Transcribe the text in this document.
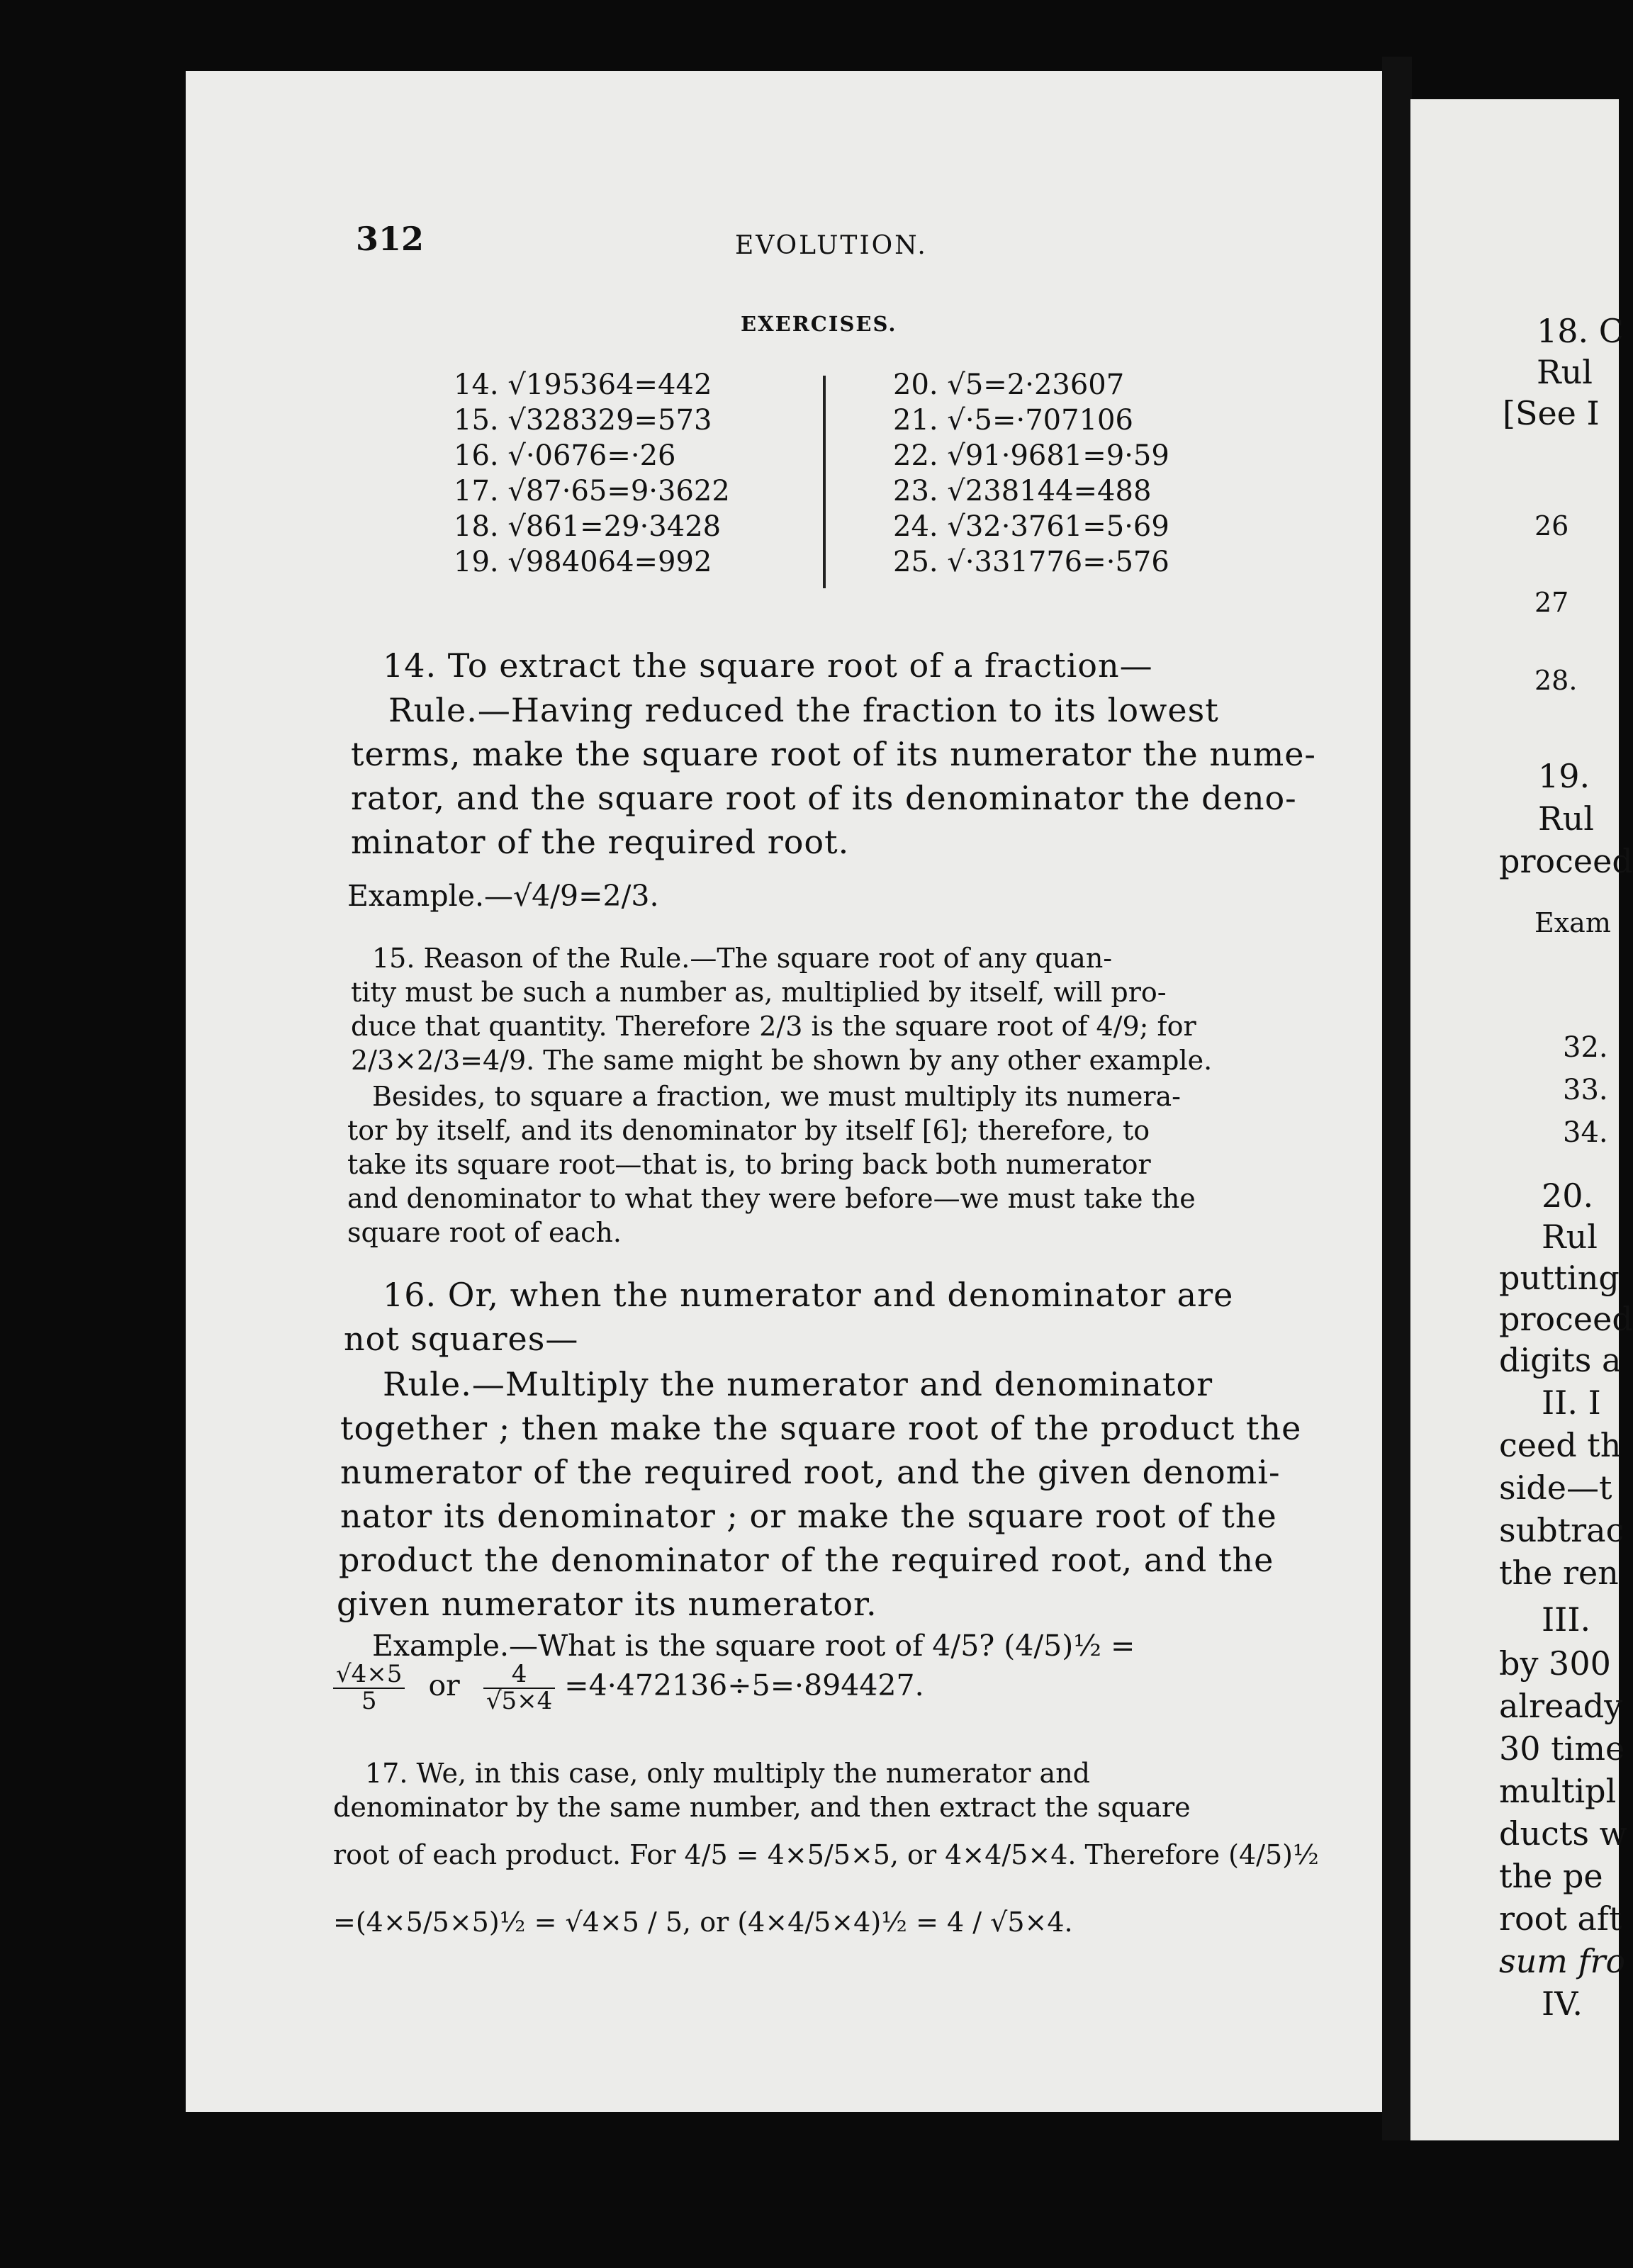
312	EVOLUTION.
EXERCISES.
14. √195364=442
15. √328329=573
16. √·0676=·26
17. √87·65=9·3622
18. √861=29·3428
19. √984064=992
20. √5=2·23607
21. √·5=·707106
22. √91·9681=9·59
23. √238144=488
24. √32·3761=5·69
25. √·331776=·576
14. To extract the square root of a fraction—
Rule.—Having reduced the fraction to its lowest
terms, make the square root of its numerator the nume-
rator, and the square root of its denominator the deno-
minator of the required root.
Example.—√4/9=2/3.
15. Reason of the Rule.—The square root of any quan-
tity must be such a number as, multiplied by itself, will pro-
duce that quantity. Therefore 2/3 is the square root of 4/9; for
2/3×2/3=4/9. The same might be shown by any other example.
Besides, to square a fraction, we must multiply its numera-
tor by itself, and its denominator by itself [6]; therefore, to
take its square root—that is, to bring back both numerator
and denominator to what they were before—we must take the
square root of each.
16. Or, when the numerator and denominator are
not squares—
Rule.—Multiply the numerator and denominator
together ; then make the square root of the product the
numerator of the required root, and the given denomi-
nator its denominator ; or make the square root of the
product the denominator of the required root, and the
given numerator its numerator.
Example.—What is the square root of 4/5? (4/5)½ =
$\frac{√4\times 5}{5}$ or $\frac{4}{√5\times 4} =4\cdot 472136\div 5=\cdot 894427$.
17. We, in this case, only multiply the numerator and
denominator by the same number, and then extract the square
root of each product. For 4/5 = 4×5/5×5, or 4×4/5×4. Therefore (4/5)½
=(4×5/5×5)½ = √4×5 / 5, or (4×4/5×4)½ = 4 / √5×4.
18. C
Rul
[See I
26
27
28.
19.
Rul
proceed
Exam
32.
33.
34.
20.
Rul
putting
proceed
digits a
II. I
ceed th
side—t
subtrac
the ren
III.
by 300
already
30 time
multipl
ducts w
the pe
root aft
sum fro
IV.
